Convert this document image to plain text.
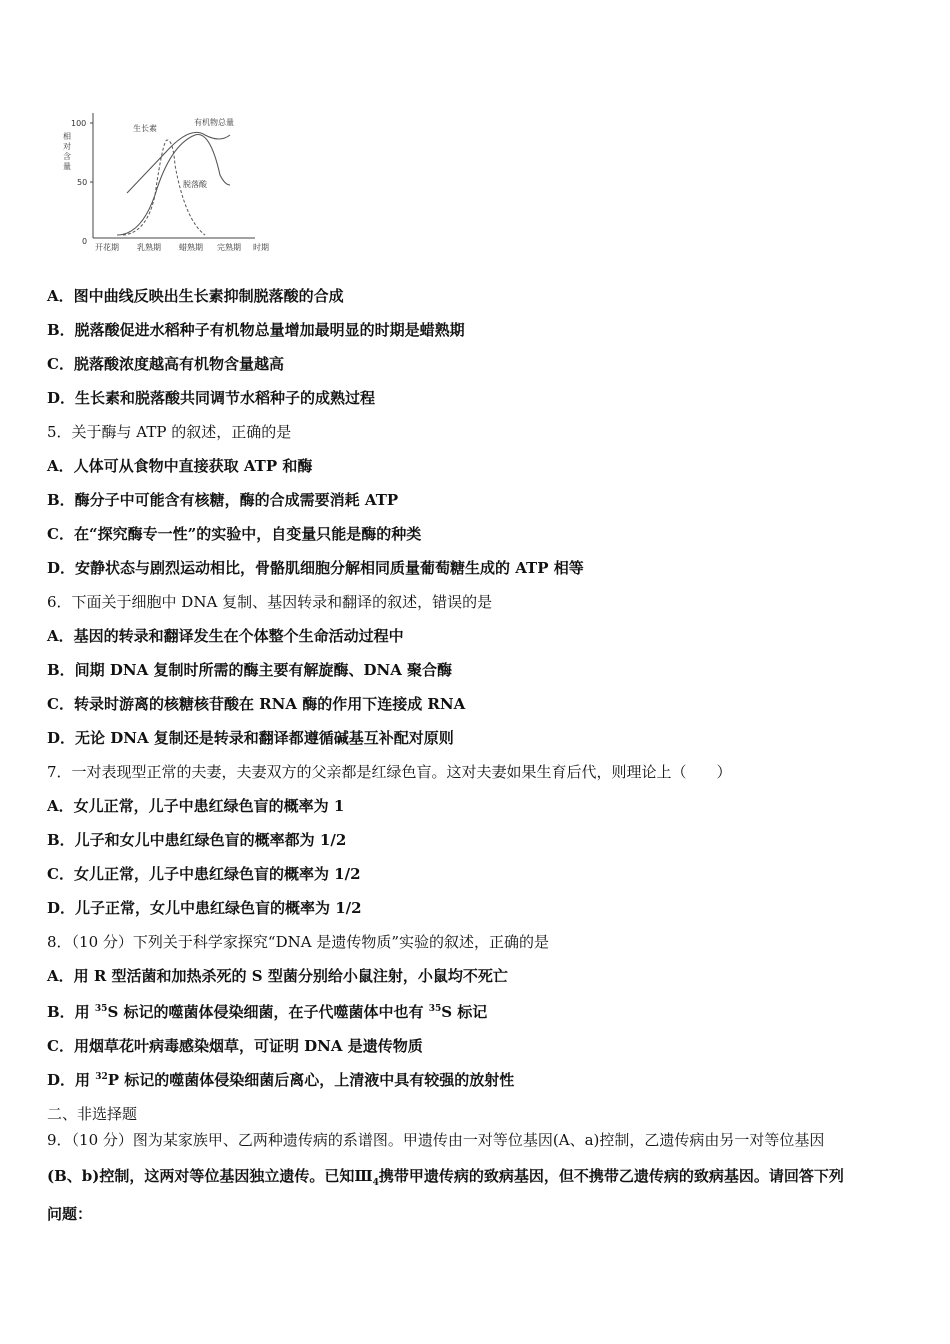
100
50
0
相
对
含
量
开花期 乳熟期 蜡熟期 完熟期 时期
生长素
有机物总量
脱落酸
A．图中曲线反映出生长素抑制脱落酸的合成
B．脱落酸促进水稻种子有机物总量增加最明显的时期是蜡熟期
C．脱落酸浓度越高有机物含量越高
D．生长素和脱落酸共同调节水稻种子的成熟过程
5．关于酶与 ATP 的叙述，正确的是
A．人体可从食物中直接获取 ATP 和酶
B．酶分子中可能含有核糖，酶的合成需要消耗 ATP
C．在“探究酶专一性”的实验中，自变量只能是酶的种类
D．安静状态与剧烈运动相比，骨骼肌细胞分解相同质量葡萄糖生成的 ATP 相等
6．下面关于细胞中 DNA 复制、基因转录和翻译的叙述，错误的是
A．基因的转录和翻译发生在个体整个生命活动过程中
B．间期 DNA 复制时所需的酶主要有解旋酶、DNA 聚合酶
C．转录时游离的核糖核苷酸在 RNA 酶的作用下连接成 RNA
D．无论 DNA 复制还是转录和翻译都遵循碱基互补配对原则
7．一对表现型正常的夫妻，夫妻双方的父亲都是红绿色盲。这对夫妻如果生育后代，则理论上（　　）
A．女儿正常，儿子中患红绿色盲的概率为 1
B．儿子和女儿中患红绿色盲的概率都为 1/2
C．女儿正常，儿子中患红绿色盲的概率为 1/2
D．儿子正常，女儿中患红绿色盲的概率为 1/2
8．（10 分）下列关于科学家探究“DNA 是遗传物质”实验的叙述，正确的是
A．用 R 型活菌和加热杀死的 S 型菌分别给小鼠注射，小鼠均不死亡
B．用 $^{35}$S 标记的噬菌体侵染细菌，在子代噬菌体中也有 $^{35}$S 标记
C．用烟草花叶病毒感染烟草，可证明 DNA 是遗传物质
D．用 $^{32}$P 标记的噬菌体侵染细菌后离心，上清液中具有较强的放射性
二、非选择题
9．（10 分）图为某家族甲、乙两种遗传病的系谱图。甲遗传由一对等位基因(A、a)控制，乙遗传病由另一对等位基因
(B、b)控制，这两对等位基因独立遗传。已知$Ⅲ_4$携带甲遗传病的致病基因，但不携带乙遗传病的致病基因。请回答下列
问题：
